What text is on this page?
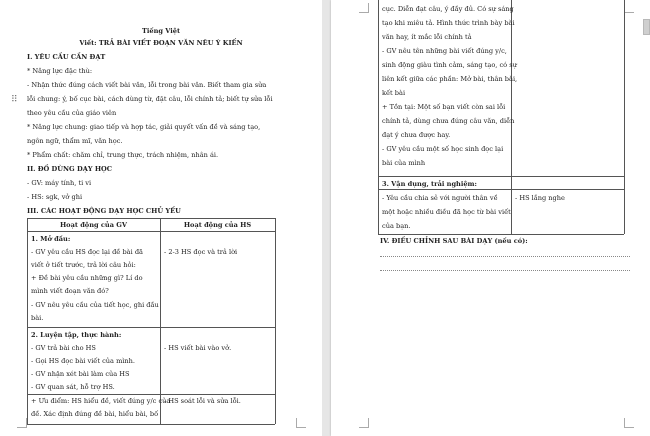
Tiếng Việt
Viết: TRẢ BÀI VIẾT ĐOẠN VĂN NÊU Ý KIẾN
I. YÊU CẦU CẦN ĐẠT
* Năng lực đặc thù:
- Nhận thức đúng cách viết bài văn, lỗi trong bài văn. Biết tham gia sửa
lỗi chung: ý, bố cục bài, cách dùng từ, đặt câu, lỗi chính tả; biết tự sửa lỗi
theo yêu cầu của giáo viên
* Năng lực chung: giao tiếp và hợp tác, giải quyết vấn đề và sáng tạo,
ngôn ngữ, thẩm mĩ, văn học.
* Phẩm chất: chăm chỉ, trung thực, trách nhiệm, nhân ái.
II. ĐỒ DÙNG DẠY HỌC
- GV: máy tính, ti vi
- HS: sgk, vở ghi
III. CÁC HOẠT ĐỘNG DẠY HỌC CHỦ YẾU
Hoạt động của GV	Hoạt động của HS
1. Mở đầu:
- GV yêu cầu HS đọc lại đề bài đã
viết ở tiết trước, trả lời câu hỏi:
+ Đề bài yêu cầu những gì? Lí do
mình viết đoạn văn đó?
- GV nêu yêu cầu của tiết học, ghi đầu
bài.
- 2-3 HS đọc và trả lời
2. Luyện tập, thực hành:
- GV trả bài cho HS
- Gọi HS đọc bài viết của mình.
- GV nhận xét bài làm của HS
- GV quan sát, hỗ trợ HS.
- HS viết bài vào vở.
+ Ưu điểm: HS hiểu đề, viết đúng y/c của
đề. Xác định đúng đề bài, hiểu bài, bố
- HS soát lỗi và sửa lỗi.
⠿
cục. Diễn đạt câu, ý đầy đủ. Có sự sáng
tạo khi miêu tả. Hình thức trình bày bài
văn hay, ít mắc lỗi chính tả
- GV nêu tên những bài viết đúng y/c,
sinh động giàu tình cảm, sáng tạo, có sự
liên kết giữa các phần: Mở bài, thân bài,
kết bài
+ Tồn tại: Một số bạn viết còn sai lỗi
chính tả, dùng chưa đúng câu văn, diễn
đạt ý chưa được hay.
- GV yêu cầu một số học sinh đọc lại
bài của mình
3. Vận dụng, trải nghiệm:
- Yêu cầu chia sẻ với người thân về
một hoặc nhiều điều đã học từ bài viết
của bạn.
- HS lắng nghe
IV. ĐIỀU CHỈNH SAU BÀI DẠY (nếu có):
